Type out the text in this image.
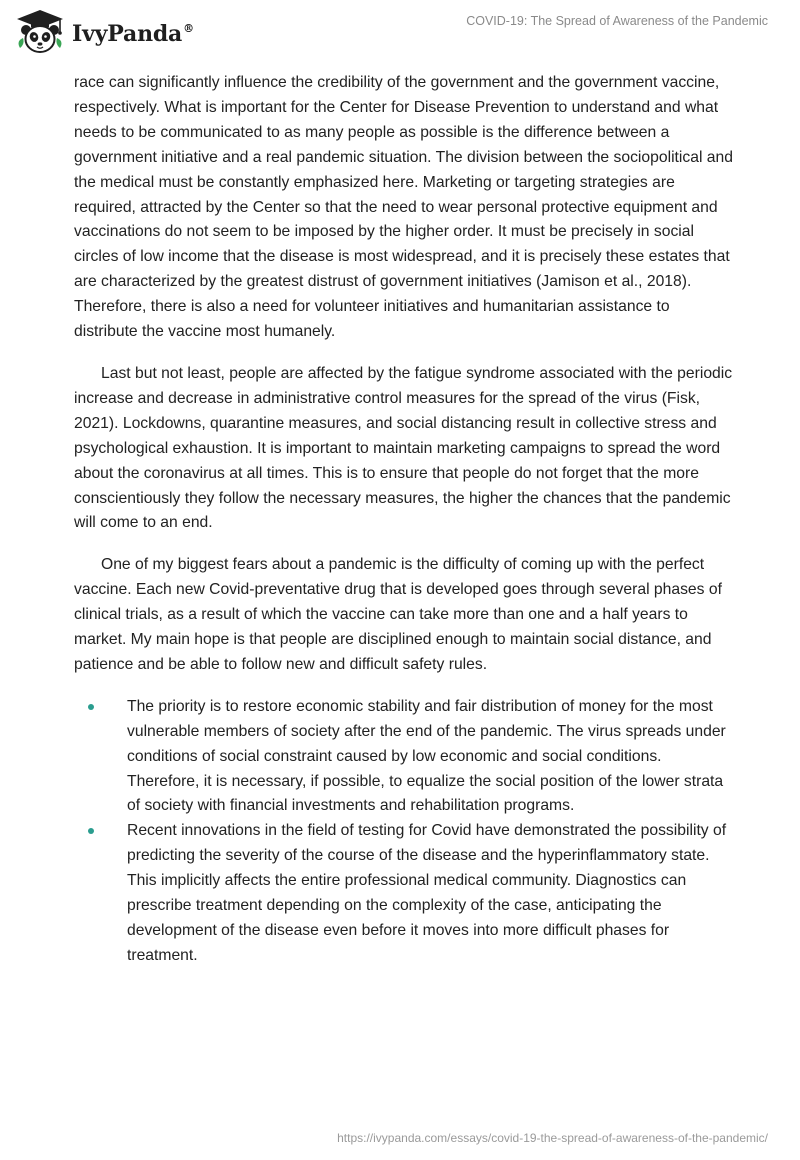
IvyPanda®
COVID-19: The Spread of Awareness of the Pandemic

race can significantly influence the credibility of the government and the government vaccine, respectively. What is important for the Center for Disease Prevention to understand and what needs to be communicated to as many people as possible is the difference between a government initiative and a real pandemic situation. The division between the sociopolitical and the medical must be constantly emphasized here. Marketing or targeting strategies are required, attracted by the Center so that the need to wear personal protective equipment and vaccinations do not seem to be imposed by the higher order. It must be precisely in social circles of low income that the disease is most widespread, and it is precisely these estates that are characterized by the greatest distrust of government initiatives (Jamison et al., 2018). Therefore, there is also a need for volunteer initiatives and humanitarian assistance to distribute the vaccine most humanely.

Last but not least, people are affected by the fatigue syndrome associated with the periodic increase and decrease in administrative control measures for the spread of the virus (Fisk, 2021). Lockdowns, quarantine measures, and social distancing result in collective stress and psychological exhaustion. It is important to maintain marketing campaigns to spread the word about the coronavirus at all times. This is to ensure that people do not forget that the more conscientiously they follow the necessary measures, the higher the chances that the pandemic will come to an end.

One of my biggest fears about a pandemic is the difficulty of coming up with the perfect vaccine. Each new Covid-preventative drug that is developed goes through several phases of clinical trials, as a result of which the vaccine can take more than one and a half years to market. My main hope is that people are disciplined enough to maintain social distance, and patience and be able to follow new and difficult safety rules.

The priority is to restore economic stability and fair distribution of money for the most vulnerable members of society after the end of the pandemic. The virus spreads under conditions of social constraint caused by low economic and social conditions. Therefore, it is necessary, if possible, to equalize the social position of the lower strata of society with financial investments and rehabilitation programs.
Recent innovations in the field of testing for Covid have demonstrated the possibility of predicting the severity of the course of the disease and the hyperinflammatory state. This implicitly affects the entire professional medical community. Diagnostics can prescribe treatment depending on the complexity of the case, anticipating the development of the disease even before it moves into more difficult phases for treatment.
https://ivypanda.com/essays/covid-19-the-spread-of-awareness-of-the-pandemic/
